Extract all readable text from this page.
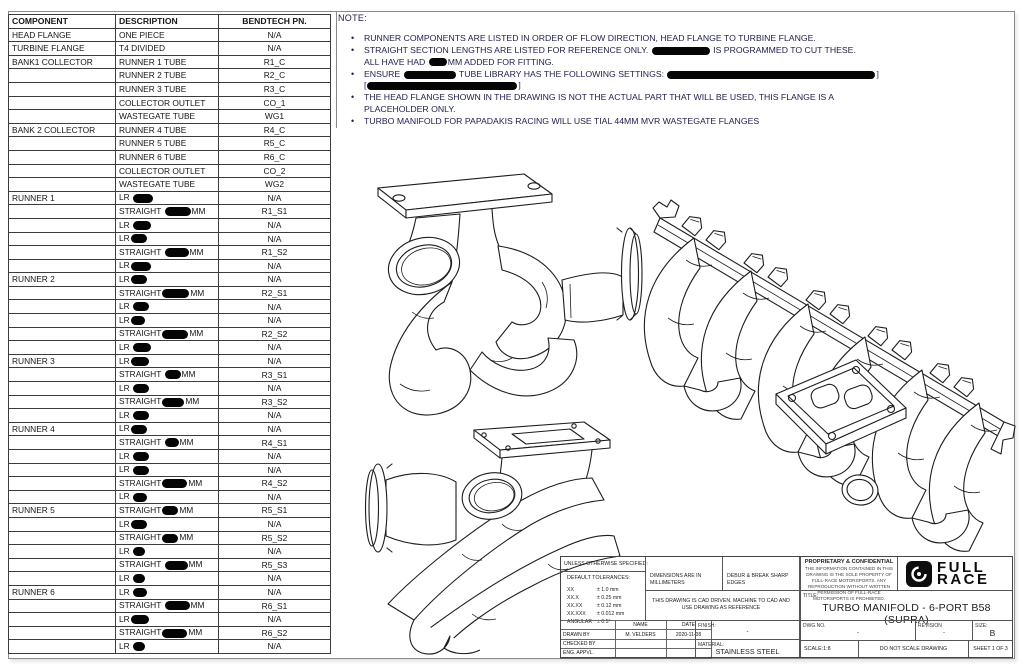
COMPONENT	DESCRIPTION	BENDTECH PN.
HEAD FLANGE	ONE PIECE	N/A
TURBINE FLANGE	T4 DIVIDED	N/A
BANK1 COLLECTOR	RUNNER 1 TUBE	R1_C
	RUNNER 2 TUBE	R2_C
	RUNNER 3 TUBE	R3_C
	COLLECTOR OUTLET	CO_1
	WASTEGATE TUBE	WG1
BANK 2 COLLECTOR	RUNNER 4 TUBE	R4_C
	RUNNER 5 TUBE	R5_C
	RUNNER 6 TUBE	R6_C
	COLLECTOR OUTLET	CO_2
	WASTEGATE TUBE	WG2
RUNNER 1	LR	N/A
	STRAIGHT MM	R1_S1
	LR	N/A
	LR	N/A
	STRAIGHT MM	R1_S2
	LR	N/A
RUNNER 2	LR	N/A
	STRAIGHT MM	R2_S1
	LR	N/A
	LR	N/A
	STRAIGHT MM	R2_S2
	LR	N/A
RUNNER 3	LR	N/A
	STRAIGHT MM	R3_S1
	LR	N/A
	STRAIGHT MM	R3_S2
	LR	N/A
RUNNER 4	LR	N/A
	STRAIGHT MM	R4_S1
	LR	N/A
	LR	N/A
	STRAIGHT MM	R4_S2
	LR	N/A
RUNNER 5	STRAIGHT MM	R5_S1
	LR	N/A
	STRAIGHT MM	R5_S2
	LR	N/A
	STRAIGHT MM	R5_S3
	LR	N/A
RUNNER 6	LR	N/A
	STRAIGHT MM	R6_S1
	LR	N/A
	STRAIGHT MM	R6_S2
	LR	N/A
NOTE:
• RUNNER COMPONENTS ARE LISTED IN ORDER OF FLOW DIRECTION, HEAD FLANGE TO TURBINE FLANGE.
• STRAIGHT SECTION LENGTHS ARE LISTED FOR REFERENCE ONLY.	IS PROGRAMMED TO CUT THESE.
ALL HAVE HAD MM ADDED FOR FITTING.
• ENSURE	TUBE LIBRARY HAS THE FOLLOWING SETTINGS:	]
[	]
• THE HEAD FLANGE SHOWN IN THE DRAWING IS NOT THE ACTUAL PART THAT WILL BE USED, THIS FLANGE IS A
PLACEHOLDER ONLY.
• TURBO MANIFOLD FOR PAPADAKIS RACING WILL USE TIAL 44MM MVR WASTEGATE FLANGES
UNLESS OTHERWISE SPECIFIED:
DEFAULT TOLERANCES:
XX	± 1.0 mm
XX.X	± 0.25 mm
XX.XX	± 0.12 mm
XX.XXX	± 0.012 mm
ANGULAR ± 0.5°
		NAME	DATE
DRAWN BY	M. VELDERS	2020-11-08
CHECKED BY		
ENG. APPVL.		
DIMENSIONS ARE IN MILLIMETERS
DEBUR & BREAK SHARP EDGES
THIS DRAWING IS CAD DRIVEN. MACHINE TO CAD AND USE DRAWING AS REFERENCE
FINISH:
-
MATERIAL:
STAINLESS STEEL
PROPRIETARY & CONFIDENTIAL
THE INFORMATION CONTAINED IN THIS DRAWING IS THE SOLE PROPERTY OF FULL-RACE MOTORSPORTS. ANY REPRODUCTION WITHOUT WRITTEN PERMISSION OF FULL-RACE MOTORSPORTS IS PROHIBITED.
FULL
RACE
TITLE:
TURBO MANIFOLD - 6-PORT B58 (SUPRA)
DWG NO.
-
REVISION
-
SIZE:
B
SCALE:1:8	DO NOT SCALE DRAWING	SHEET 1 OF 3
